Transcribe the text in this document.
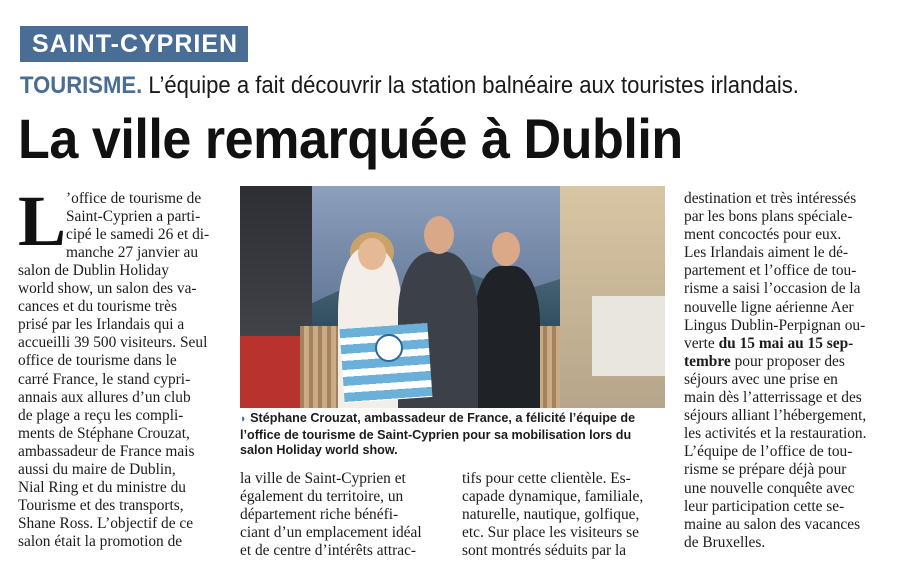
SAINT-CYPRIEN
TOURISME. L’équipe a fait découvrir la station balnéaire aux touristes irlandais.
La ville remarquée à Dublin
L ’office de tourisme de
Saint-Cyprien a parti-
cipé le samedi 26 et di-
manche 27 janvier au
salon de Dublin Holiday
world show, un salon des va-
cances et du tourisme très
prisé par les Irlandais qui a
accueilli 39 500 visiteurs. Seul
office de tourisme dans le
carré France, le stand cypri-
annais aux allures d’un club
de plage a reçu les compli-
ments de Stéphane Crouzat,
ambassadeur de France mais
aussi du maire de Dublin,
Nial Ring et du ministre du
Tourisme et des transports,
Shane Ross. L’objectif de ce
salon était la promotion de
◗ Stéphane Crouzat, ambassadeur de France, a félicité l’équipe de
l’office de tourisme de Saint-Cyprien pour sa mobilisation lors du
salon Holiday world show.
la ville de Saint-Cyprien et
également du territoire, un
département riche bénéfi-
ciant d’un emplacement idéal
et de centre d’intérêts attrac-
tifs pour cette clientèle. Es-
capade dynamique, familiale,
naturelle, nautique, golfique,
etc. Sur place les visiteurs se
sont montrés séduits par la
destination et très intéressés
par les bons plans spéciale-
ment concoctés pour eux.
Les Irlandais aiment le dé-
partement et l’office de tou-
risme a saisi l’occasion de la
nouvelle ligne aérienne Aer
Lingus Dublin-Perpignan ou-
verte du 15 mai au 15 sep-
tembre pour proposer des
séjours avec une prise en
main dès l’atterrissage et des
séjours alliant l’hébergement,
les activités et la restauration.
L’équipe de l’office de tou-
risme se prépare déjà pour
une nouvelle conquête avec
leur participation cette se-
maine au salon des vacances
de Bruxelles.
